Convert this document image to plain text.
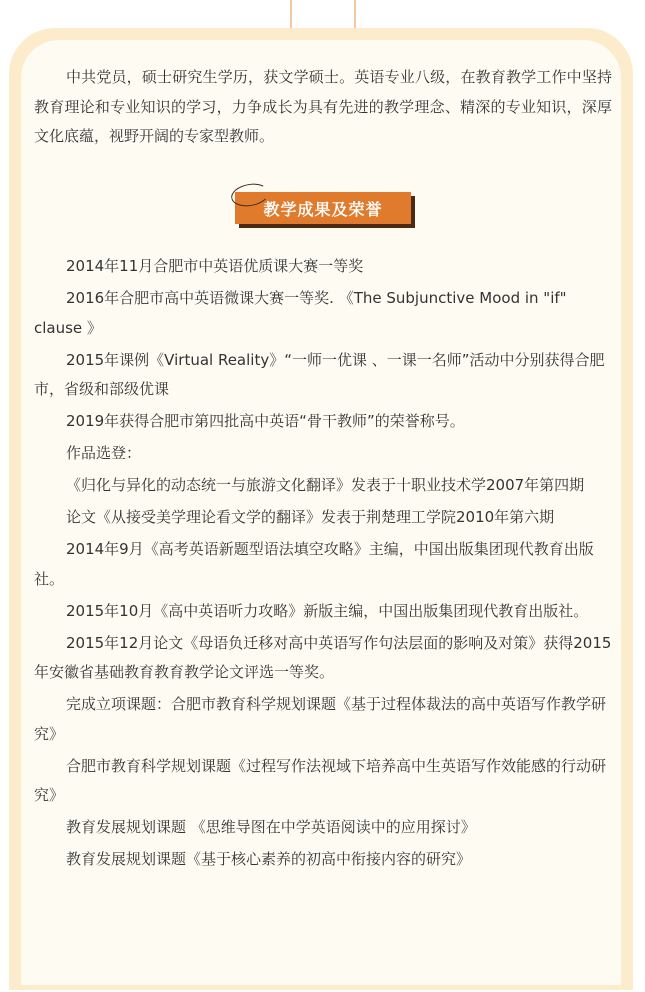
中共党员，硕士研究生学历，获文学硕士。英语专业八级，在教育教学工作中坚持教育理论和专业知识的学习，力争成长为具有先进的教学理念、精深的专业知识，深厚文化底蕴，视野开阔的专家型教师。

教学成果及荣誉

2014年11月合肥市中英语优质课大赛一等奖

2016年合肥市高中英语微课大赛一等奖. 《The Subjunctive Mood in "if" clause 》

2015年课例《Virtual Reality》“一师一优课 、一课一名师”活动中分别获得合肥市，省级和部级优课

2019年获得合肥市第四批高中英语“骨干教师”的荣誉称号。

作品选登：

《归化与异化的动态统一与旅游文化翻译》发表于十职业技术学2007年第四期

论文《从接受美学理论看文学的翻译》发表于荆楚理工学院2010年第六期

2014年9月《高考英语新题型语法填空攻略》主编，中国出版集团现代教育出版社。

2015年10月《高中英语听力攻略》新版主编，中国出版集团现代教育出版社。

2015年12月论文《母语负迁移对高中英语写作句法层面的影响及对策》获得2015年安徽省基础教育教育教学论文评选一等奖。

完成立项课题：合肥市教育科学规划课题《基于过程体裁法的高中英语写作教学研究》

合肥市教育科学规划课题《过程写作法视域下培养高中生英语写作效能感的行动研究》

教育发展规划课题 《思维导图在中学英语阅读中的应用探讨》

教育发展规划课题《基于核心素养的初高中衔接内容的研究》
